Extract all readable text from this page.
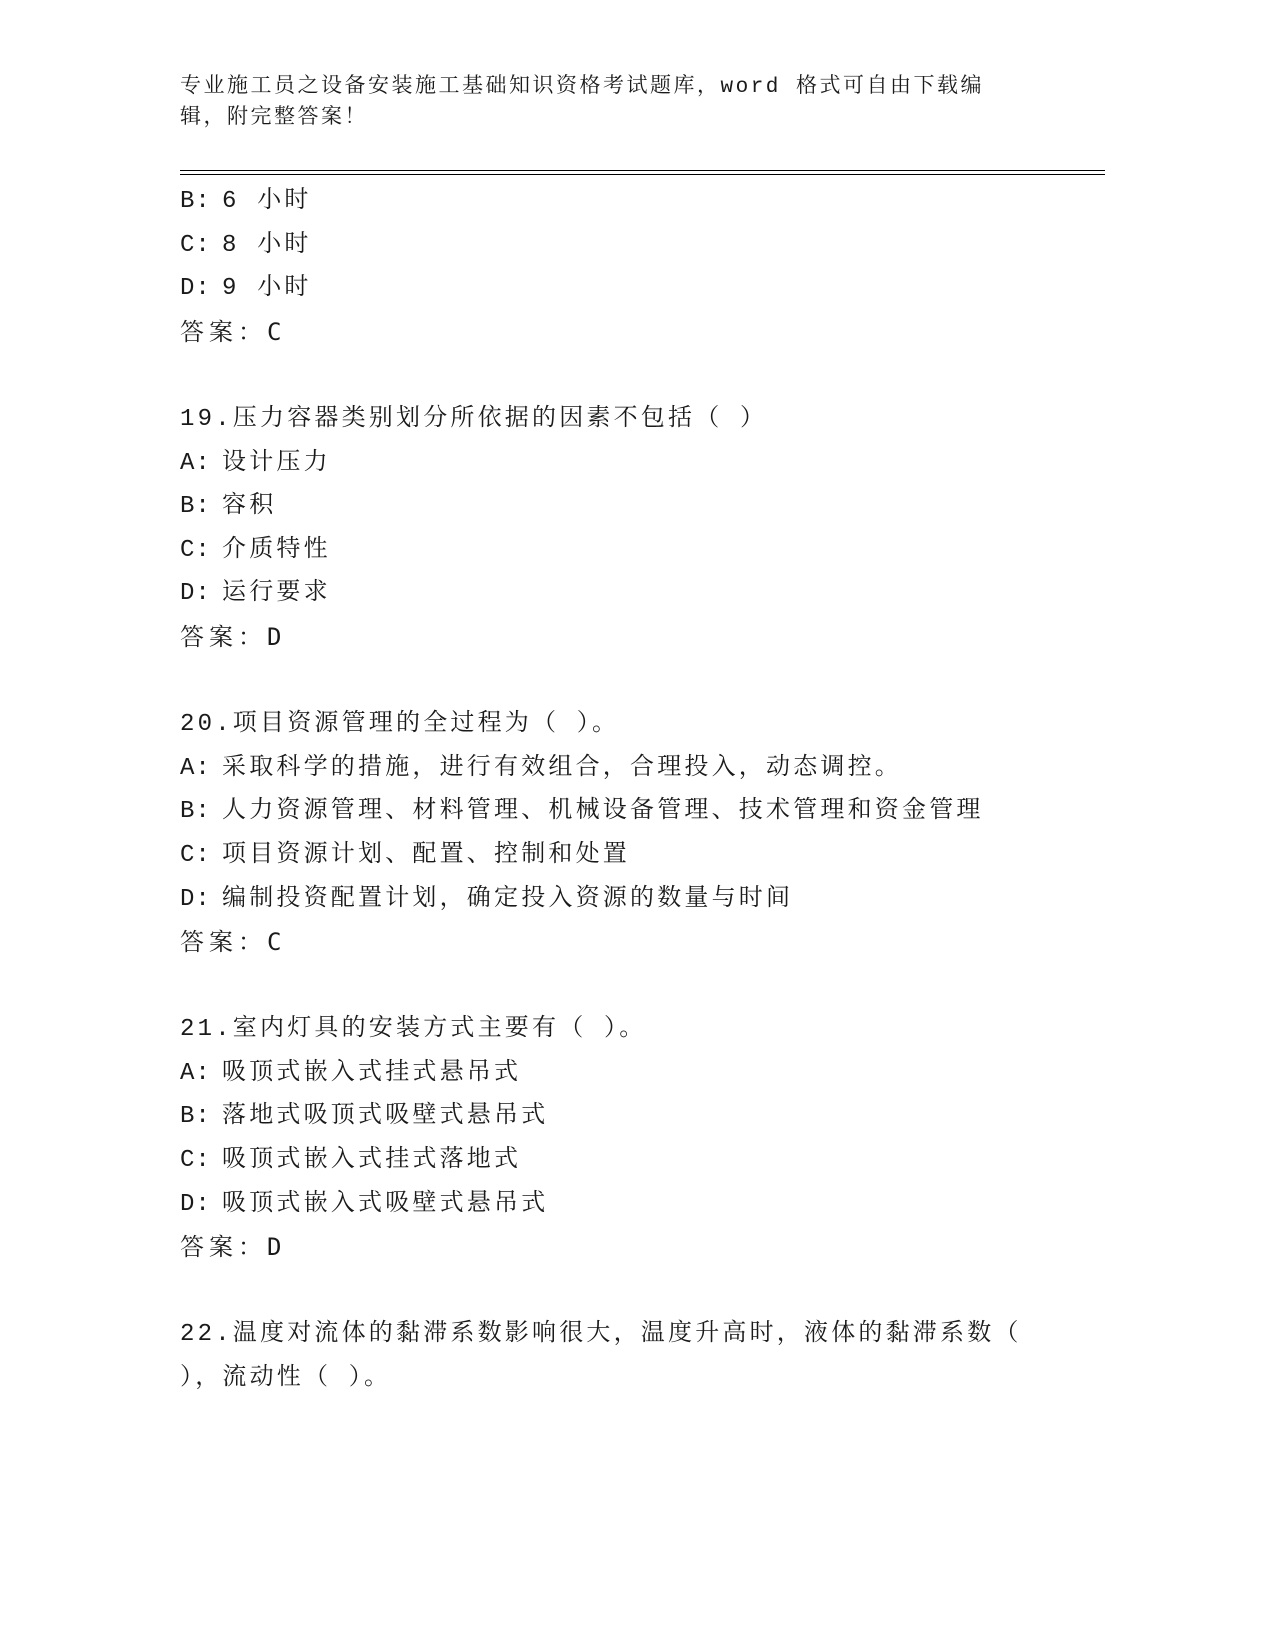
专业施工员之设备安装施工基础知识资格考试题库，word 格式可自由下载编辑，附完整答案！
B: 6 小时
C: 8 小时
D: 9 小时
答案：C
19.压力容器类别划分所依据的因素不包括（ ）
A: 设计压力
B: 容积
C: 介质特性
D: 运行要求
答案：D
20.项目资源管理的全过程为（ ）。
A: 采取科学的措施，进行有效组合，合理投入，动态调控。
B: 人力资源管理、材料管理、机械设备管理、技术管理和资金管理
C: 项目资源计划、配置、控制和处置
D: 编制投资配置计划，确定投入资源的数量与时间
答案：C
21.室内灯具的安装方式主要有（ ）。
A: 吸顶式嵌入式挂式悬吊式
B: 落地式吸顶式吸壁式悬吊式
C: 吸顶式嵌入式挂式落地式
D: 吸顶式嵌入式吸壁式悬吊式
答案：D
22.温度对流体的黏滞系数影响很大，温度升高时，液体的黏滞系数（ ），流动性（ ）。
